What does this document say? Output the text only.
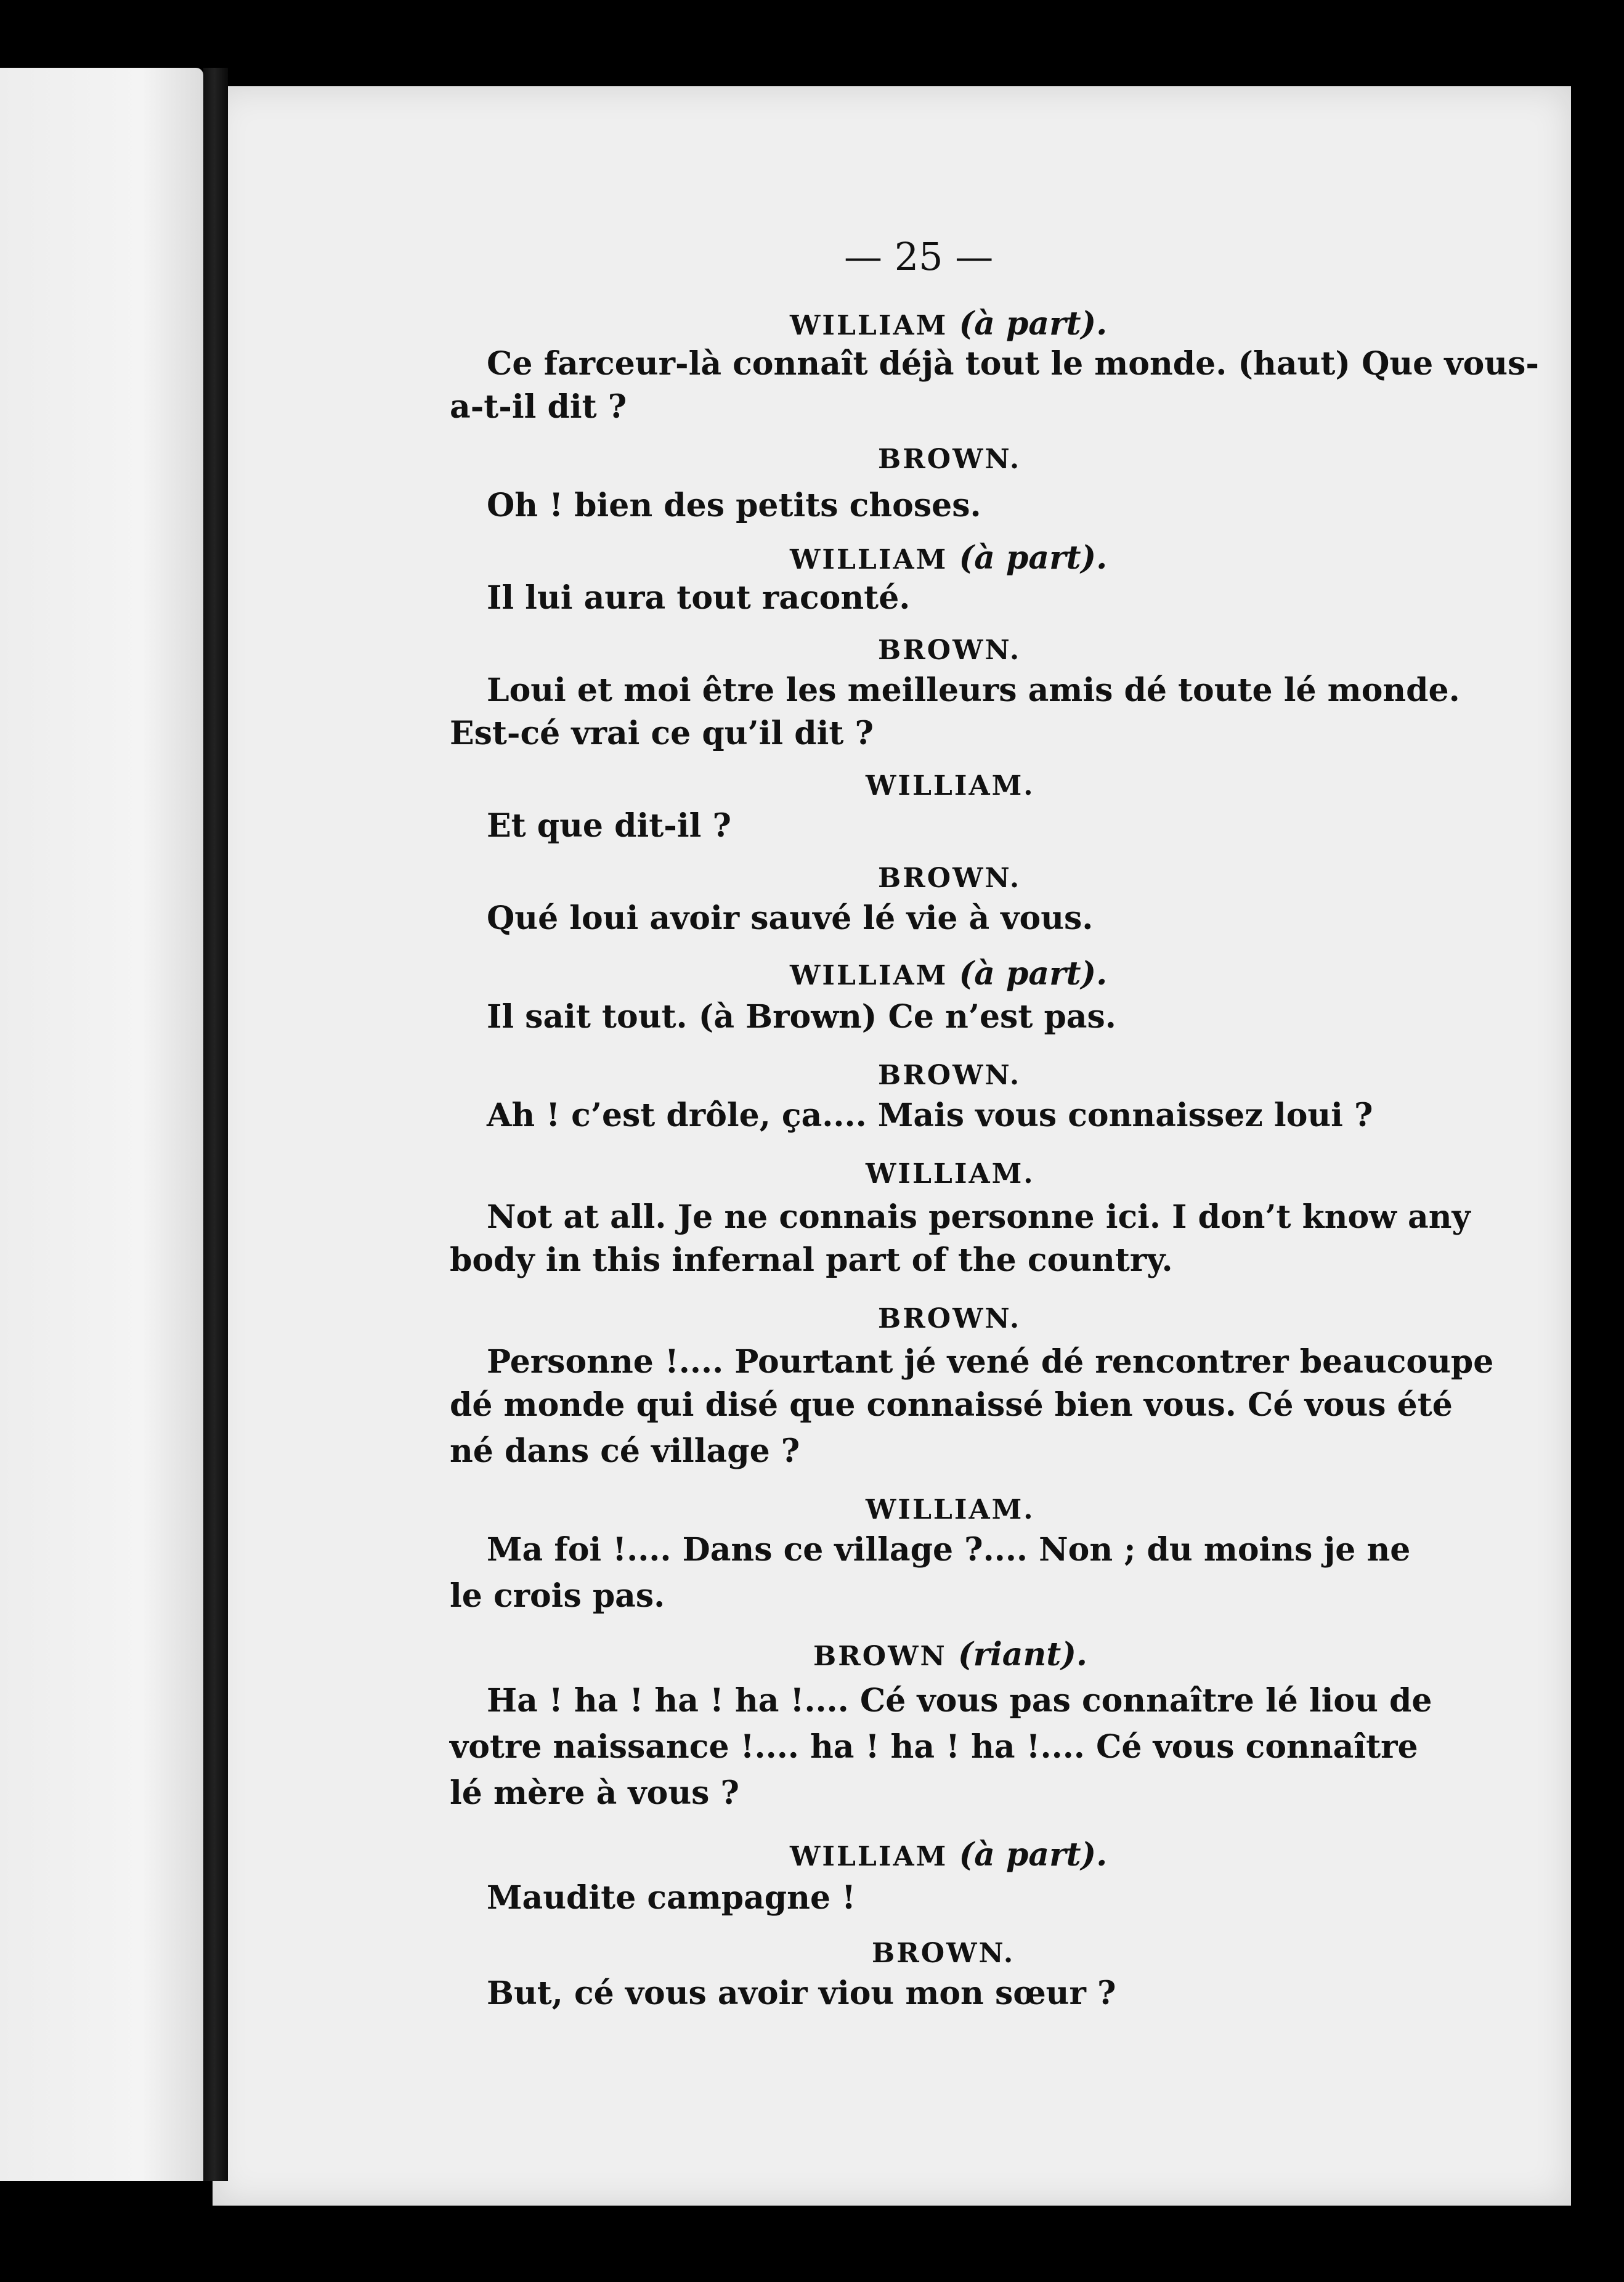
— 25 —
WILLIAM (à part).
Ce farceur-là connaît déjà tout le monde. (haut) Que vous-
a-t-il dit ?
BROWN.
Oh ! bien des petits choses.
WILLIAM (à part).
Il lui aura tout raconté.
BROWN.
Loui et moi être les meilleurs amis dé toute lé monde.
Est-cé vrai ce qu’il dit ?
WILLIAM.
Et que dit-il ?
BROWN.
Qué loui avoir sauvé lé vie à vous.
WILLIAM (à part).
Il sait tout. (à Brown) Ce n’est pas.
BROWN.
Ah ! c’est drôle, ça.... Mais vous connaissez loui ?
WILLIAM.
Not at all. Je ne connais personne ici. I don’t know any
body in this infernal part of the country.
BROWN.
Personne !.... Pourtant jé vené dé rencontrer beaucoupe
dé monde qui disé que connaissé bien vous. Cé vous été
né dans cé village ?
WILLIAM.
Ma foi !.... Dans ce village ?.... Non ; du moins je ne
le crois pas.
BROWN (riant).
Ha ! ha ! ha ! ha !.... Cé vous pas connaître lé liou de
votre naissance !.... ha ! ha ! ha !.... Cé vous connaître
lé mère à vous ?
WILLIAM (à part).
Maudite campagne !
BROWN.
But, cé vous avoir viou mon sœur ?
